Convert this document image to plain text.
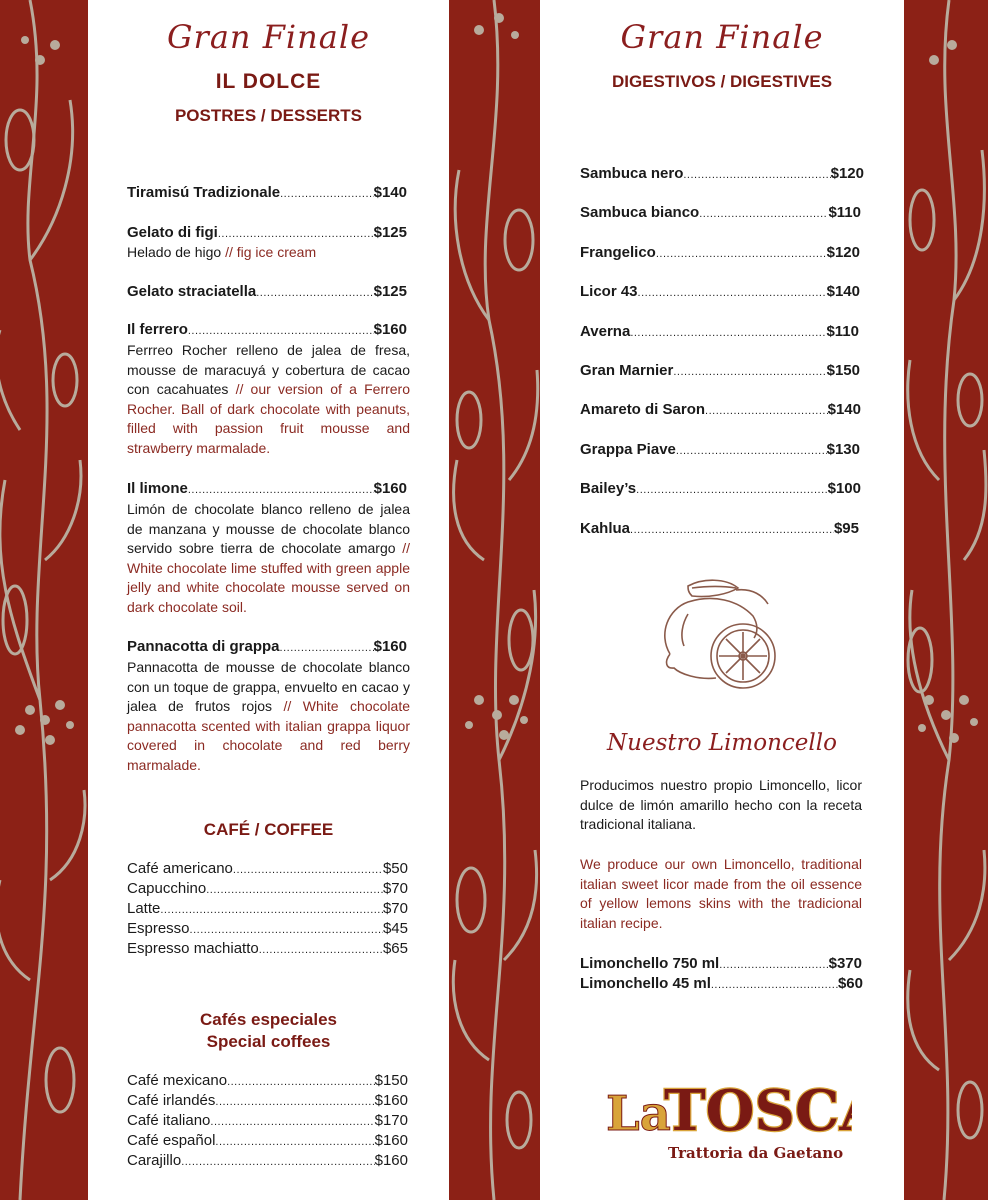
Gran Finale
IL DOLCE
POSTRES / DESSERTS
Tiramisú Tradizionale .....	$140
Gelato di figi .....	$125
Helado de higo // fig ice cream
Gelato straciatella .....	$125
Il ferrero .....	$160
Ferrreo Rocher relleno de jalea de fresa, mousse de maracuyá y cobertura de cacao con cacahuates // our version of a Ferrero Rocher. Ball of dark chocolate with peanuts, filled with passion fruit mousse and strawberry marmalade.
Il limone .....	$160
Limón de chocolate blanco relleno de jalea de manzana y mousse de chocolate blanco servido sobre tierra de chocolate amargo // White chocolate lime stuffed with green apple jelly and white chocolate mousse served on dark chocolate soil.
Pannacotta di grappa .....	$160
Pannacotta de mousse de chocolate blanco con un toque de grappa, envuelto en cacao y jalea de frutos rojos // White chocolate pannacotta scented with italian grappa liquor covered in chocolate and red berry marmalade.
CAFÉ / COFFEE
Café americano .....	$50
Capucchino .....	$70
Latte .....	$70
Espresso .....	$45
Espresso machiatto .....	$65
Cafés especiales
Special coffees
Café mexicano .....	$150
Café irlandés .....	$160
Café italiano .....	$170
Café español .....	$160
Carajillo .....	$160
Gran Finale
DIGESTIVOS / DIGESTIVES
Sambuca nero .....	$120
Sambuca bianco .....	$110
Frangelico .....	$120
Licor 43 .....	$140
Averna .....	$110
Gran Marnier .....	$150
Amareto di Saron .....	$140
Grappa Piave .....	$130
Bailey’s .....	$100
Kahlua .....	$95
Nuestro Limoncello
Producimos nuestro propio Limoncello, licor dulce de limón amarillo hecho con la receta tradicional italiana.
We produce our own Limoncello, traditional italian sweet licor made from the oil essence of yellow lemons skins with the tradicional italian recipe.
Limonchello 750 ml .....	$370
Limonchello 45 ml .....	$60
La
TOSC
Trattoria da Gaetano
